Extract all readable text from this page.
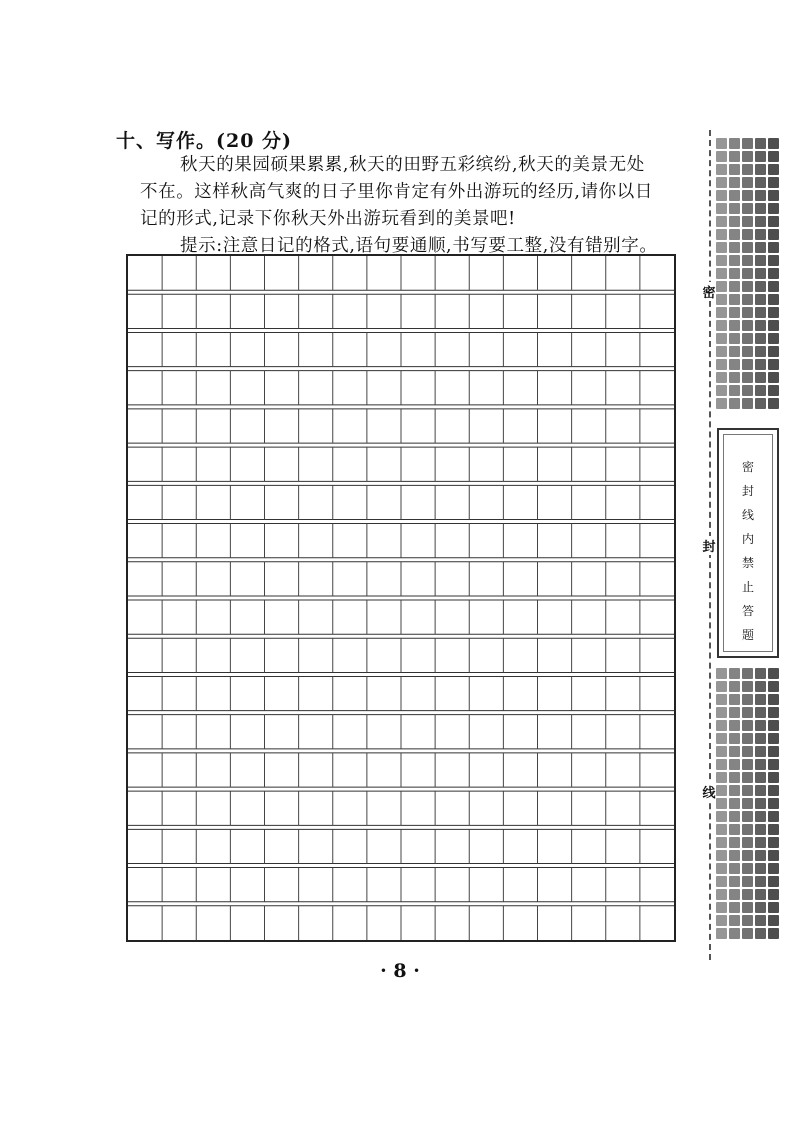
十、写作。(20 分)

秋天的果园硕果累累,秋天的田野五彩缤纷,秋天的美景无处

不在。这样秋高气爽的日子里你肯定有外出游玩的经历,请你以日

记的形式,记录下你秋天外出游玩看到的美景吧!

提示:注意日记的格式,语句要通顺,书写要工整,没有错别字。

· 8 ·
密
封
线
密
封
线
内
禁
止
答
题
